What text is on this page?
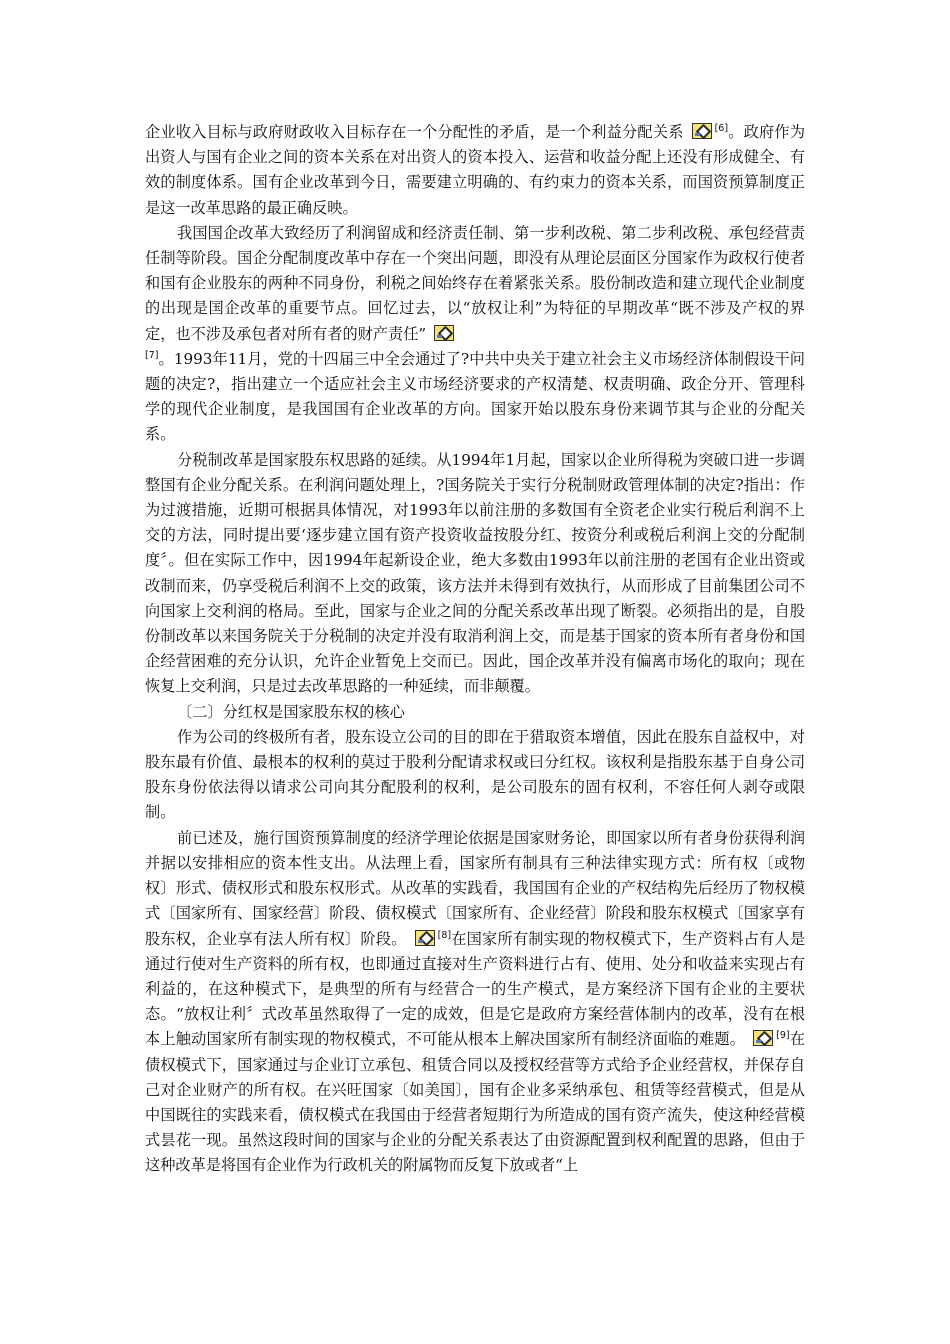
企业收入目标与政府财政收入目标存在一个分配性的矛盾，是一个利益分配关系	[6]。政府作为出资人与国有企业之间的资本关系在对出资人的资本投入、运营和收益分配上还没有形成健全、有效的制度体系。国有企业改革到今日，需要建立明确的、有约束力的资本关系，而国资预算制度正是这一改革思路的最正确反映。

我国国企改革大致经历了利润留成和经济责任制、第一步利改税、第二步利改税、承包经营责任制等阶段。国企分配制度改革中存在一个突出问题，即没有从理论层面区分国家作为政权行使者和国有企业股东的两种不同身份，利税之间始终存在着紧张关系。股份制改造和建立现代企业制度的出现是国企改革的重要节点。回忆过去，以“放权让利”为特征的早期改革“既不涉及产权的界定，也不涉及承包者对所有者的财产责任”
[7]。1993年11月，党的十四届三中全会通过了?中共中央关于建立社会主义市场经济体制假设干问题的决定?，指出建立一个适应社会主义市场经济要求的产权清楚、权责明确、政企分开、管理科学的现代企业制度，是我国国有企业改革的方向。国家开始以股东身份来调节其与企业的分配关系。

分税制改革是国家股东权思路的延续。从1994年1月起，国家以企业所得税为突破口进一步调整国有企业分配关系。在利润问题处理上，?国务院关于实行分税制财政管理体制的决定?指出：作为过渡措施，近期可根据具体情况，对1993年以前注册的多数国有全资老企业实行税后利润不上交的方法，同时提出要‘逐步建立国有资产投资收益按股分红、按资分利或税后利润上交的分配制度〞。但在实际工作中，因1994年起新设企业，绝大多数由1993年以前注册的老国有企业出资或改制而来，仍享受税后利润不上交的政策，该方法并未得到有效执行，从而形成了目前集团公司不向国家上交利润的格局。至此，国家与企业之间的分配关系改革出现了断裂。必须指出的是，自股份制改革以来国务院关于分税制的决定并没有取消利润上交，而是基于国家的资本所有者身份和国企经营困难的充分认识，允许企业暂免上交而已。因此，国企改革并没有偏离市场化的取向；现在恢复上交利润，只是过去改革思路的一种延续，而非颠覆。

〔二〕分红权是国家股东权的核心

作为公司的终极所有者，股东设立公司的目的即在于猎取资本增值，因此在股东自益权中，对股东最有价值、最根本的权利的莫过于股利分配请求权或曰分红权。该权利是指股东基于自身公司股东身份依法得以请求公司向其分配股利的权利，是公司股东的固有权利，不容任何人剥夺或限制。

前已述及，施行国资预算制度的经济学理论依据是国家财务论，即国家以所有者身份获得利润并据以安排相应的资本性支出。从法理上看，国家所有制具有三种法律实现方式：所有权〔或物权〕形式、债权形式和股东权形式。从改革的实践看，我国国有企业的产权结构先后经历了物权模式〔国家所有、国家经营〕阶段、债权模式〔国家所有、企业经营〕阶段和股东权模式〔国家享有股东权，企业享有法人所有权〕阶段。	[8]在国家所有制实现的物权模式下，生产资料占有人是通过行使对生产资料的所有权，也即通过直接对生产资料进行占有、使用、处分和收益来实现占有利益的，在这种模式下，是典型的所有与经营合一的生产模式，是方案经济下国有企业的主要状态。“放权让利〞式改革虽然取得了一定的成效，但是它是政府方案经营体制内的改革，没有在根本上触动国家所有制实现的物权模式，不可能从根本上解决国家所有制经济面临的难题。	[9]在债权模式下，国家通过与企业订立承包、租赁合同以及授权经营等方式给予企业经营权，并保存自己对企业财产的所有权。在兴旺国家〔如美国〕，国有企业多采纳承包、租赁等经营模式，但是从中国既往的实践来看，债权模式在我国由于经营者短期行为所造成的国有资产流失，使这种经营模式昙花一现。虽然这段时间的国家与企业的分配关系表达了由资源配置到权利配置的思路，但由于这种改革是将国有企业作为行政机关的附属物而反复下放或者“上
